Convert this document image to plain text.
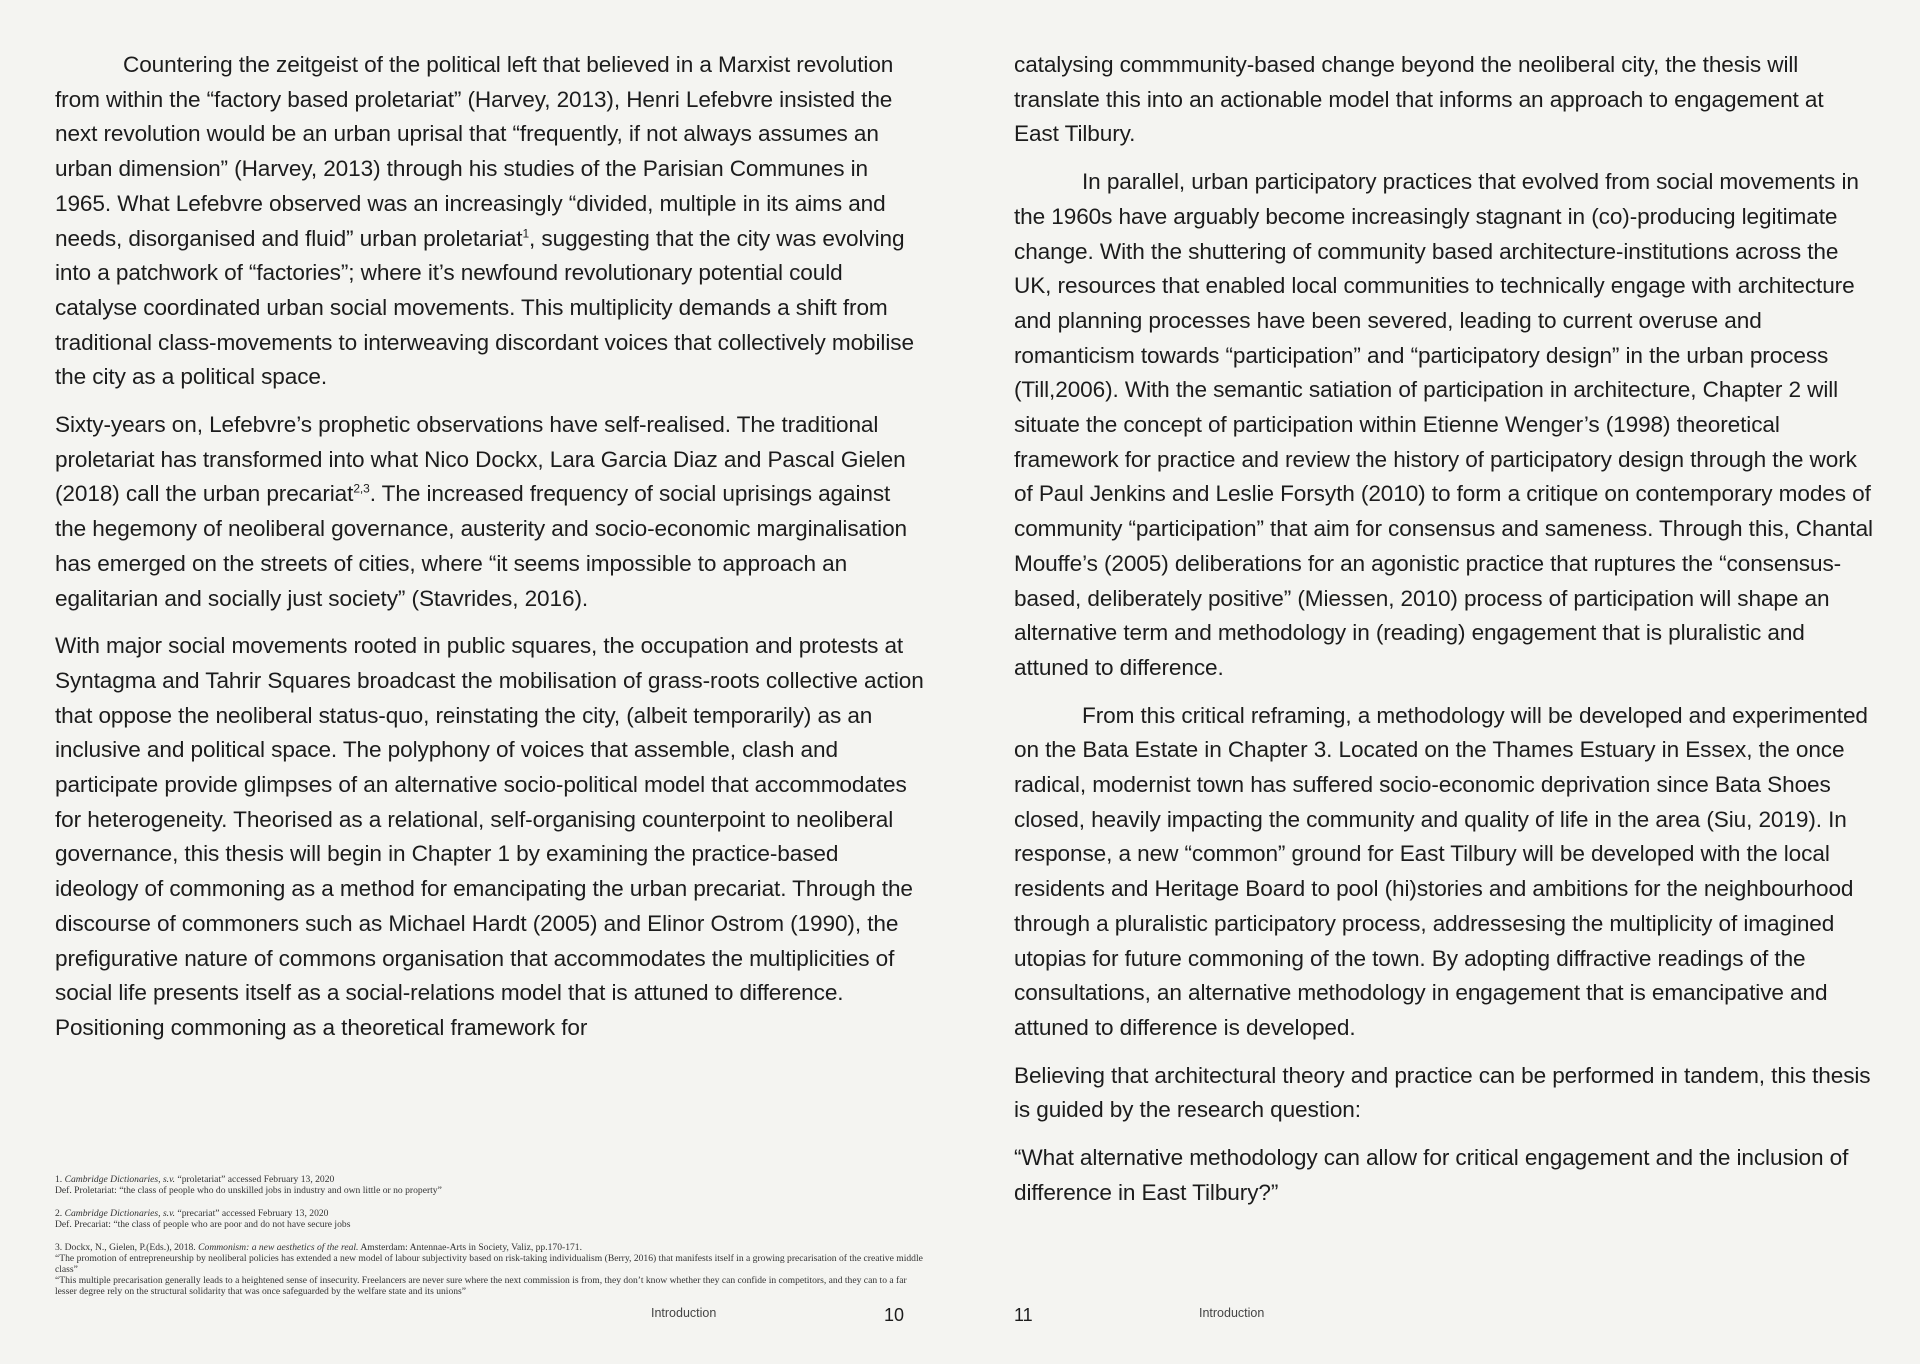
Countering the zeitgeist of the political left that believed in a Marxist revolution from within the “factory based proletariat” (Harvey, 2013), Henri Lefebvre insisted the next revolution would be an urban uprisal that “frequently, if not always assumes an urban dimension” (Harvey, 2013) through his studies of the Parisian Communes in 1965. What Lefebvre observed was an increasingly “divided, multiple in its aims and needs, disorganised and fluid” urban proletariat$^1$, suggesting that the city was evolving into a patchwork of “factories”; where it’s newfound revolutionary potential could catalyse coordinated urban social movements. This multiplicity demands a shift from traditional class-movements to interweaving discordant voices that collectively mobilise the city as a political space.

Sixty-years on, Lefebvre’s prophetic observations have self-realised. The traditional proletariat has transformed into what Nico Dockx, Lara Garcia Diaz and Pascal Gielen (2018) call the urban precariat$^{2,3}$. The increased frequency of social uprisings against the hegemony of neoliberal governance, austerity and socio-economic marginalisation has emerged on the streets of cities, where “it seems impossible to approach an egalitarian and socially just society” (Stavrides, 2016).

With major social movements rooted in public squares, the occupation and protests at Syntagma and Tahrir Squares broadcast the mobilisation of grass-roots collective action that oppose the neoliberal status-quo, reinstating the city, (albeit temporarily) as an inclusive and political space. The polyphony of voices that assemble, clash and participate provide glimpses of an alternative socio-political model that accommodates for heterogeneity. Theorised as a relational, self-organising counterpoint to neoliberal governance, this thesis will begin in Chapter 1 by examining the practice-based ideology of commoning as a method for emancipating the urban precariat. Through the discourse of commoners such as Michael Hardt (2005) and Elinor Ostrom (1990), the prefigurative nature of commons organisation that accommodates the multiplicities of social life presents itself as a social-relations model that is attuned to difference. Positioning commoning as a theoretical framework for

1. Cambridge Dictionaries, s.v. “proletariat” accessed February 13, 2020
Def. Proletariat: “the class of people who do unskilled jobs in industry and own little or no property”
2. Cambridge Dictionaries, s.v. “precariat” accessed February 13, 2020
Def. Precariat: “the class of people who are poor and do not have secure jobs
3. Dockx, N., Gielen, P.(Eds.), 2018. Commonism: a new aesthetics of the real. Amsterdam: Antennae-Arts in Society, Valiz, pp.170-171.
“The promotion of entrepreneurship by neoliberal policies has extended a new model of labour subjectivity based on risk-taking individualism (Berry, 2016) that manifests itself in a growing precarisation of the creative middle class”
“This multiple precarisation generally leads to a heightened sense of insecurity. Freelancers are never sure where the next commission is from, they don’t know whether they can confide in competitors, and they can to a far lesser degree rely on the structural solidarity that was once safeguarded by the welfare state and its unions”
Introduction	10

catalysing commmunity-based change beyond the neoliberal city, the thesis will translate this into an actionable model that informs an approach to engagement at East Tilbury.

In parallel, urban participatory practices that evolved from social movements in the 1960s have arguably become increasingly stagnant in (co)-producing legitimate change. With the shuttering of community based architecture-institutions across the UK, resources that enabled local communities to technically engage with architecture and planning processes have been severed, leading to current overuse and romanticism towards “participation” and “participatory design” in the urban process (Till,2006). With the semantic satiation of participation in architecture, Chapter 2 will situate the concept of participation within Etienne Wenger’s (1998) theoretical framework for practice and review the history of participatory design through the work of Paul Jenkins and Leslie Forsyth (2010) to form a critique on contemporary modes of community “participation” that aim for consensus and sameness. Through this, Chantal Mouffe’s (2005) deliberations for an agonistic practice that ruptures the “consensus-based, deliberately positive” (Miessen, 2010) process of participation will shape an alternative term and methodology in (reading) engagement that is pluralistic and attuned to difference.

From this critical reframing, a methodology will be developed and experimented on the Bata Estate in Chapter 3. Located on the Thames Estuary in Essex, the once radical, modernist town has suffered socio-economic deprivation since Bata Shoes closed, heavily impacting the community and quality of life in the area (Siu, 2019). In response, a new “common” ground for East Tilbury will be developed with the local residents and Heritage Board to pool (hi)stories and ambitions for the neighbourhood through a pluralistic participatory process, addressesing the multiplicity of imagined utopias for future commoning of the town. By adopting diffractive readings of the consultations, an alternative methodology in engagement that is emancipative and attuned to difference is developed.

Believing that architectural theory and practice can be performed in tandem, this thesis is guided by the research question:

“What alternative methodology can allow for critical engagement and the inclusion of difference in East Tilbury?”

11	Introduction
